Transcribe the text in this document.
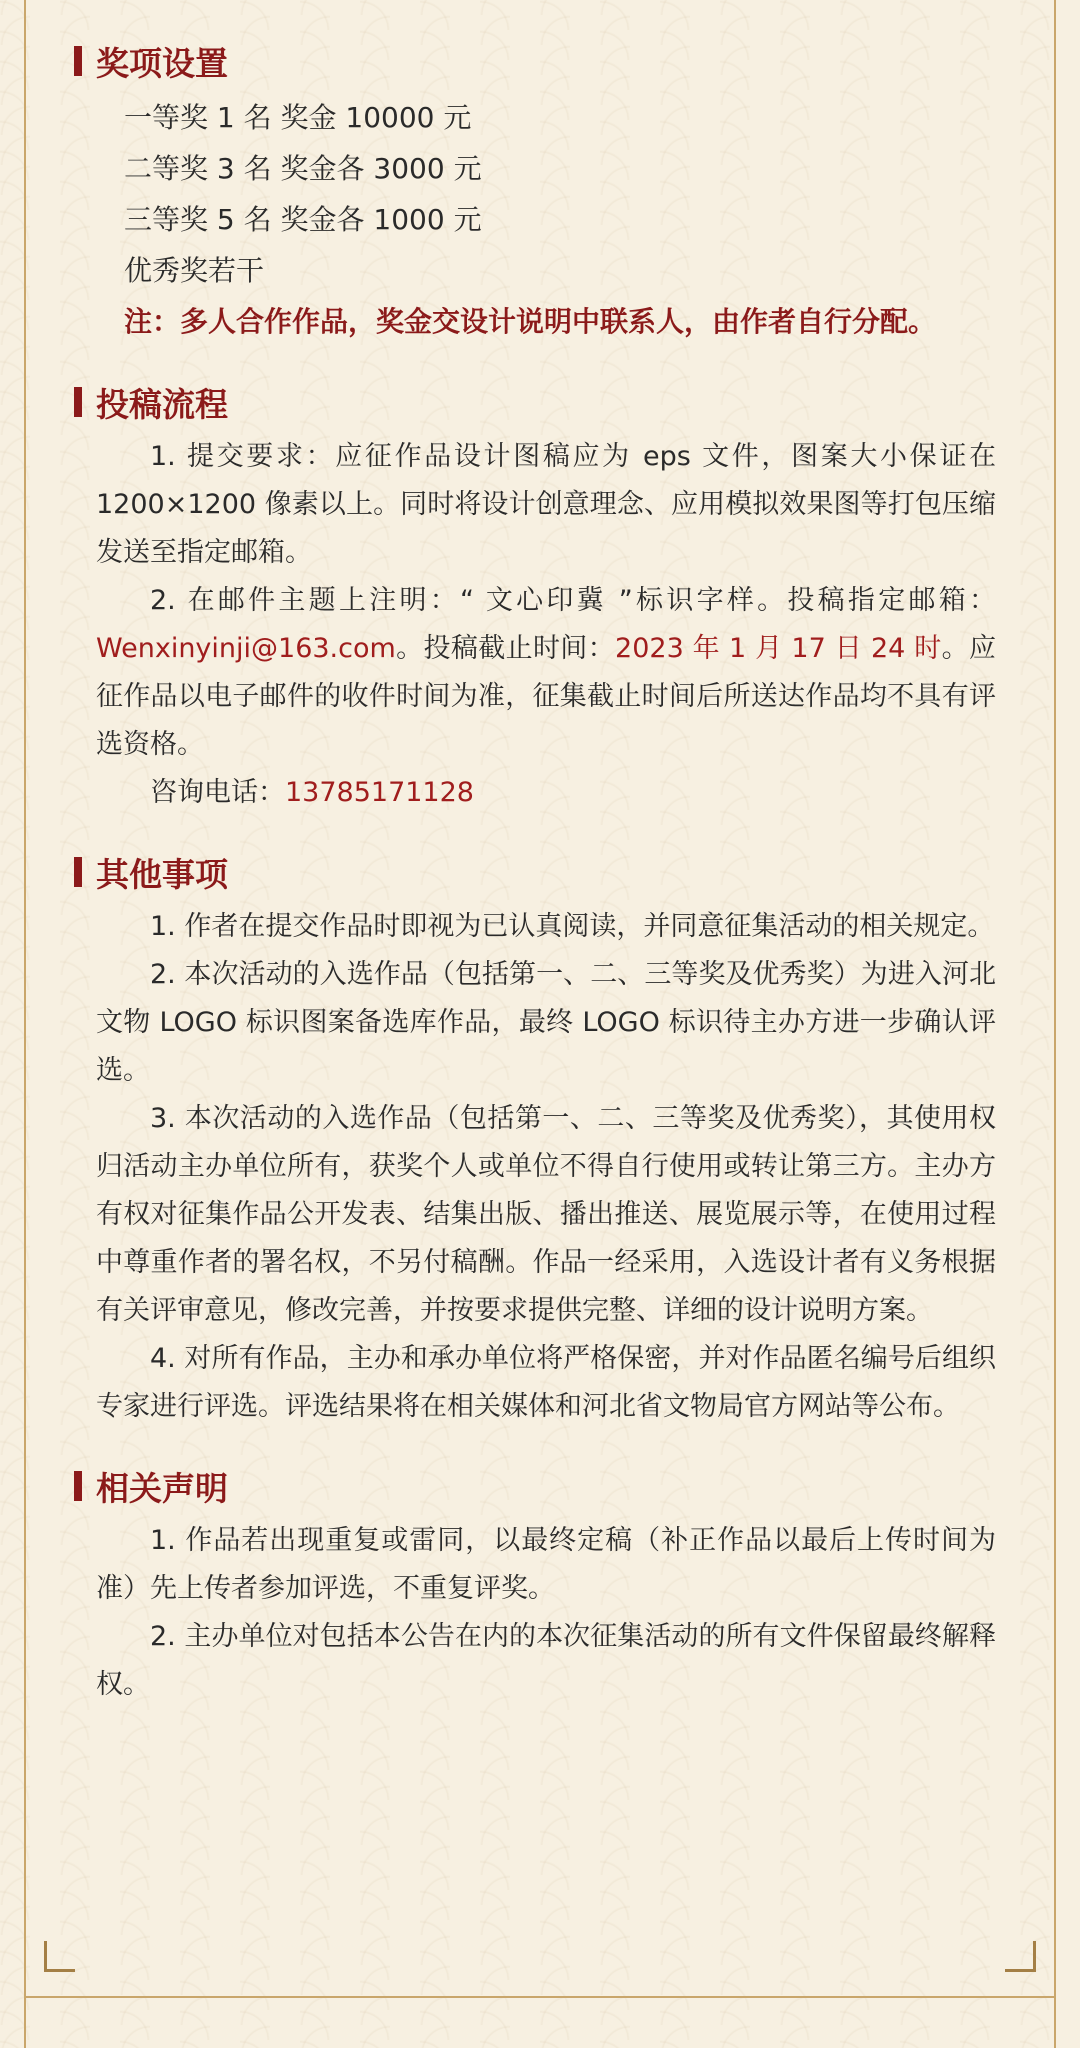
奖项设置
一等奖 1 名 奖金 10000 元
二等奖 3 名 奖金各 3000 元
三等奖 5 名 奖金各 1000 元
优秀奖若干
注：多人合作作品，奖金交设计说明中联系人，由作者自行分配。
投稿流程

1. 提交要求：应征作品设计图稿应为 eps 文件，图案大小保证在 1200×1200 像素以上。同时将设计创意理念、应用模拟效果图等打包压缩发送至指定邮箱。

2. 在邮件主题上注明：“ 文心印冀 ”标识字样。投稿指定邮箱：Wenxinyinji@163.com。投稿截止时间：2023 年 1 月 17 日 24 时。应征作品以电子邮件的收件时间为准，征集截止时间后所送达作品均不具有评选资格。

咨询电话：13785171128

其他事项

1. 作者在提交作品时即视为已认真阅读，并同意征集活动的相关规定。

2. 本次活动的入选作品（包括第一、二、三等奖及优秀奖）为进入河北文物 LOGO 标识图案备选库作品，最终 LOGO 标识待主办方进一步确认评选。

3. 本次活动的入选作品（包括第一、二、三等奖及优秀奖），其使用权归活动主办单位所有，获奖个人或单位不得自行使用或转让第三方。主办方有权对征集作品公开发表、结集出版、播出推送、展览展示等，在使用过程中尊重作者的署名权，不另付稿酬。作品一经采用，入选设计者有义务根据有关评审意见，修改完善，并按要求提供完整、详细的设计说明方案。

4. 对所有作品，主办和承办单位将严格保密，并对作品匿名编号后组织专家进行评选。评选结果将在相关媒体和河北省文物局官方网站等公布。

相关声明

1. 作品若出现重复或雷同，以最终定稿（补正作品以最后上传时间为准）先上传者参加评选，不重复评奖。

2. 主办单位对包括本公告在内的本次征集活动的所有文件保留最终解释权。
